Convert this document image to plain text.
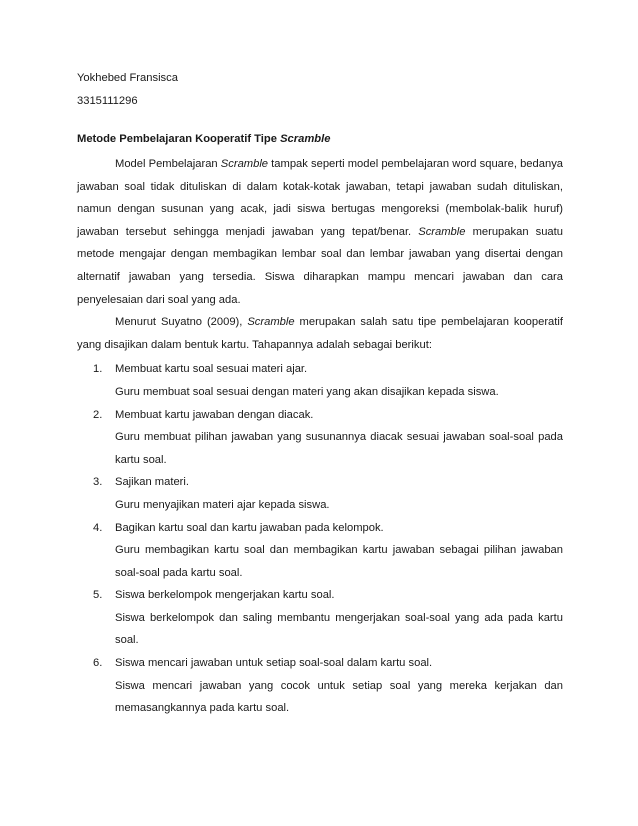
Yokhebed Fransisca

3315111296

Metode Pembelajaran Kooperatif Tipe Scramble

Model Pembelajaran Scramble tampak seperti model pembelajaran word square, bedanya jawaban soal tidak dituliskan di dalam kotak-kotak jawaban, tetapi jawaban sudah dituliskan, namun dengan susunan yang acak, jadi siswa bertugas mengoreksi (membolak-balik huruf) jawaban tersebut sehingga menjadi jawaban yang tepat/benar. Scramble merupakan suatu metode mengajar dengan membagikan lembar soal dan lembar jawaban yang disertai dengan alternatif jawaban yang tersedia. Siswa diharapkan mampu mencari jawaban dan cara penyelesaian dari soal yang ada.

Menurut Suyatno (2009), Scramble merupakan salah satu tipe pembelajaran kooperatif yang disajikan dalam bentuk kartu. Tahapannya adalah sebagai berikut:

1. Membuat kartu soal sesuai materi ajar.

Guru membuat soal sesuai dengan materi yang akan disajikan kepada siswa.

2. Membuat kartu jawaban dengan diacak.

Guru membuat pilihan jawaban yang susunannya diacak sesuai jawaban soal-soal pada kartu soal.

3. Sajikan materi.

Guru menyajikan materi ajar kepada siswa.

4. Bagikan kartu soal dan kartu jawaban pada kelompok.

Guru membagikan kartu soal dan membagikan kartu jawaban sebagai pilihan jawaban soal-soal pada kartu soal.

5. Siswa berkelompok mengerjakan kartu soal.

Siswa berkelompok dan saling membantu mengerjakan soal-soal yang ada pada kartu soal.

6. Siswa mencari jawaban untuk setiap soal-soal dalam kartu soal.

Siswa mencari jawaban yang cocok untuk setiap soal yang mereka kerjakan dan memasangkannya pada kartu soal.
